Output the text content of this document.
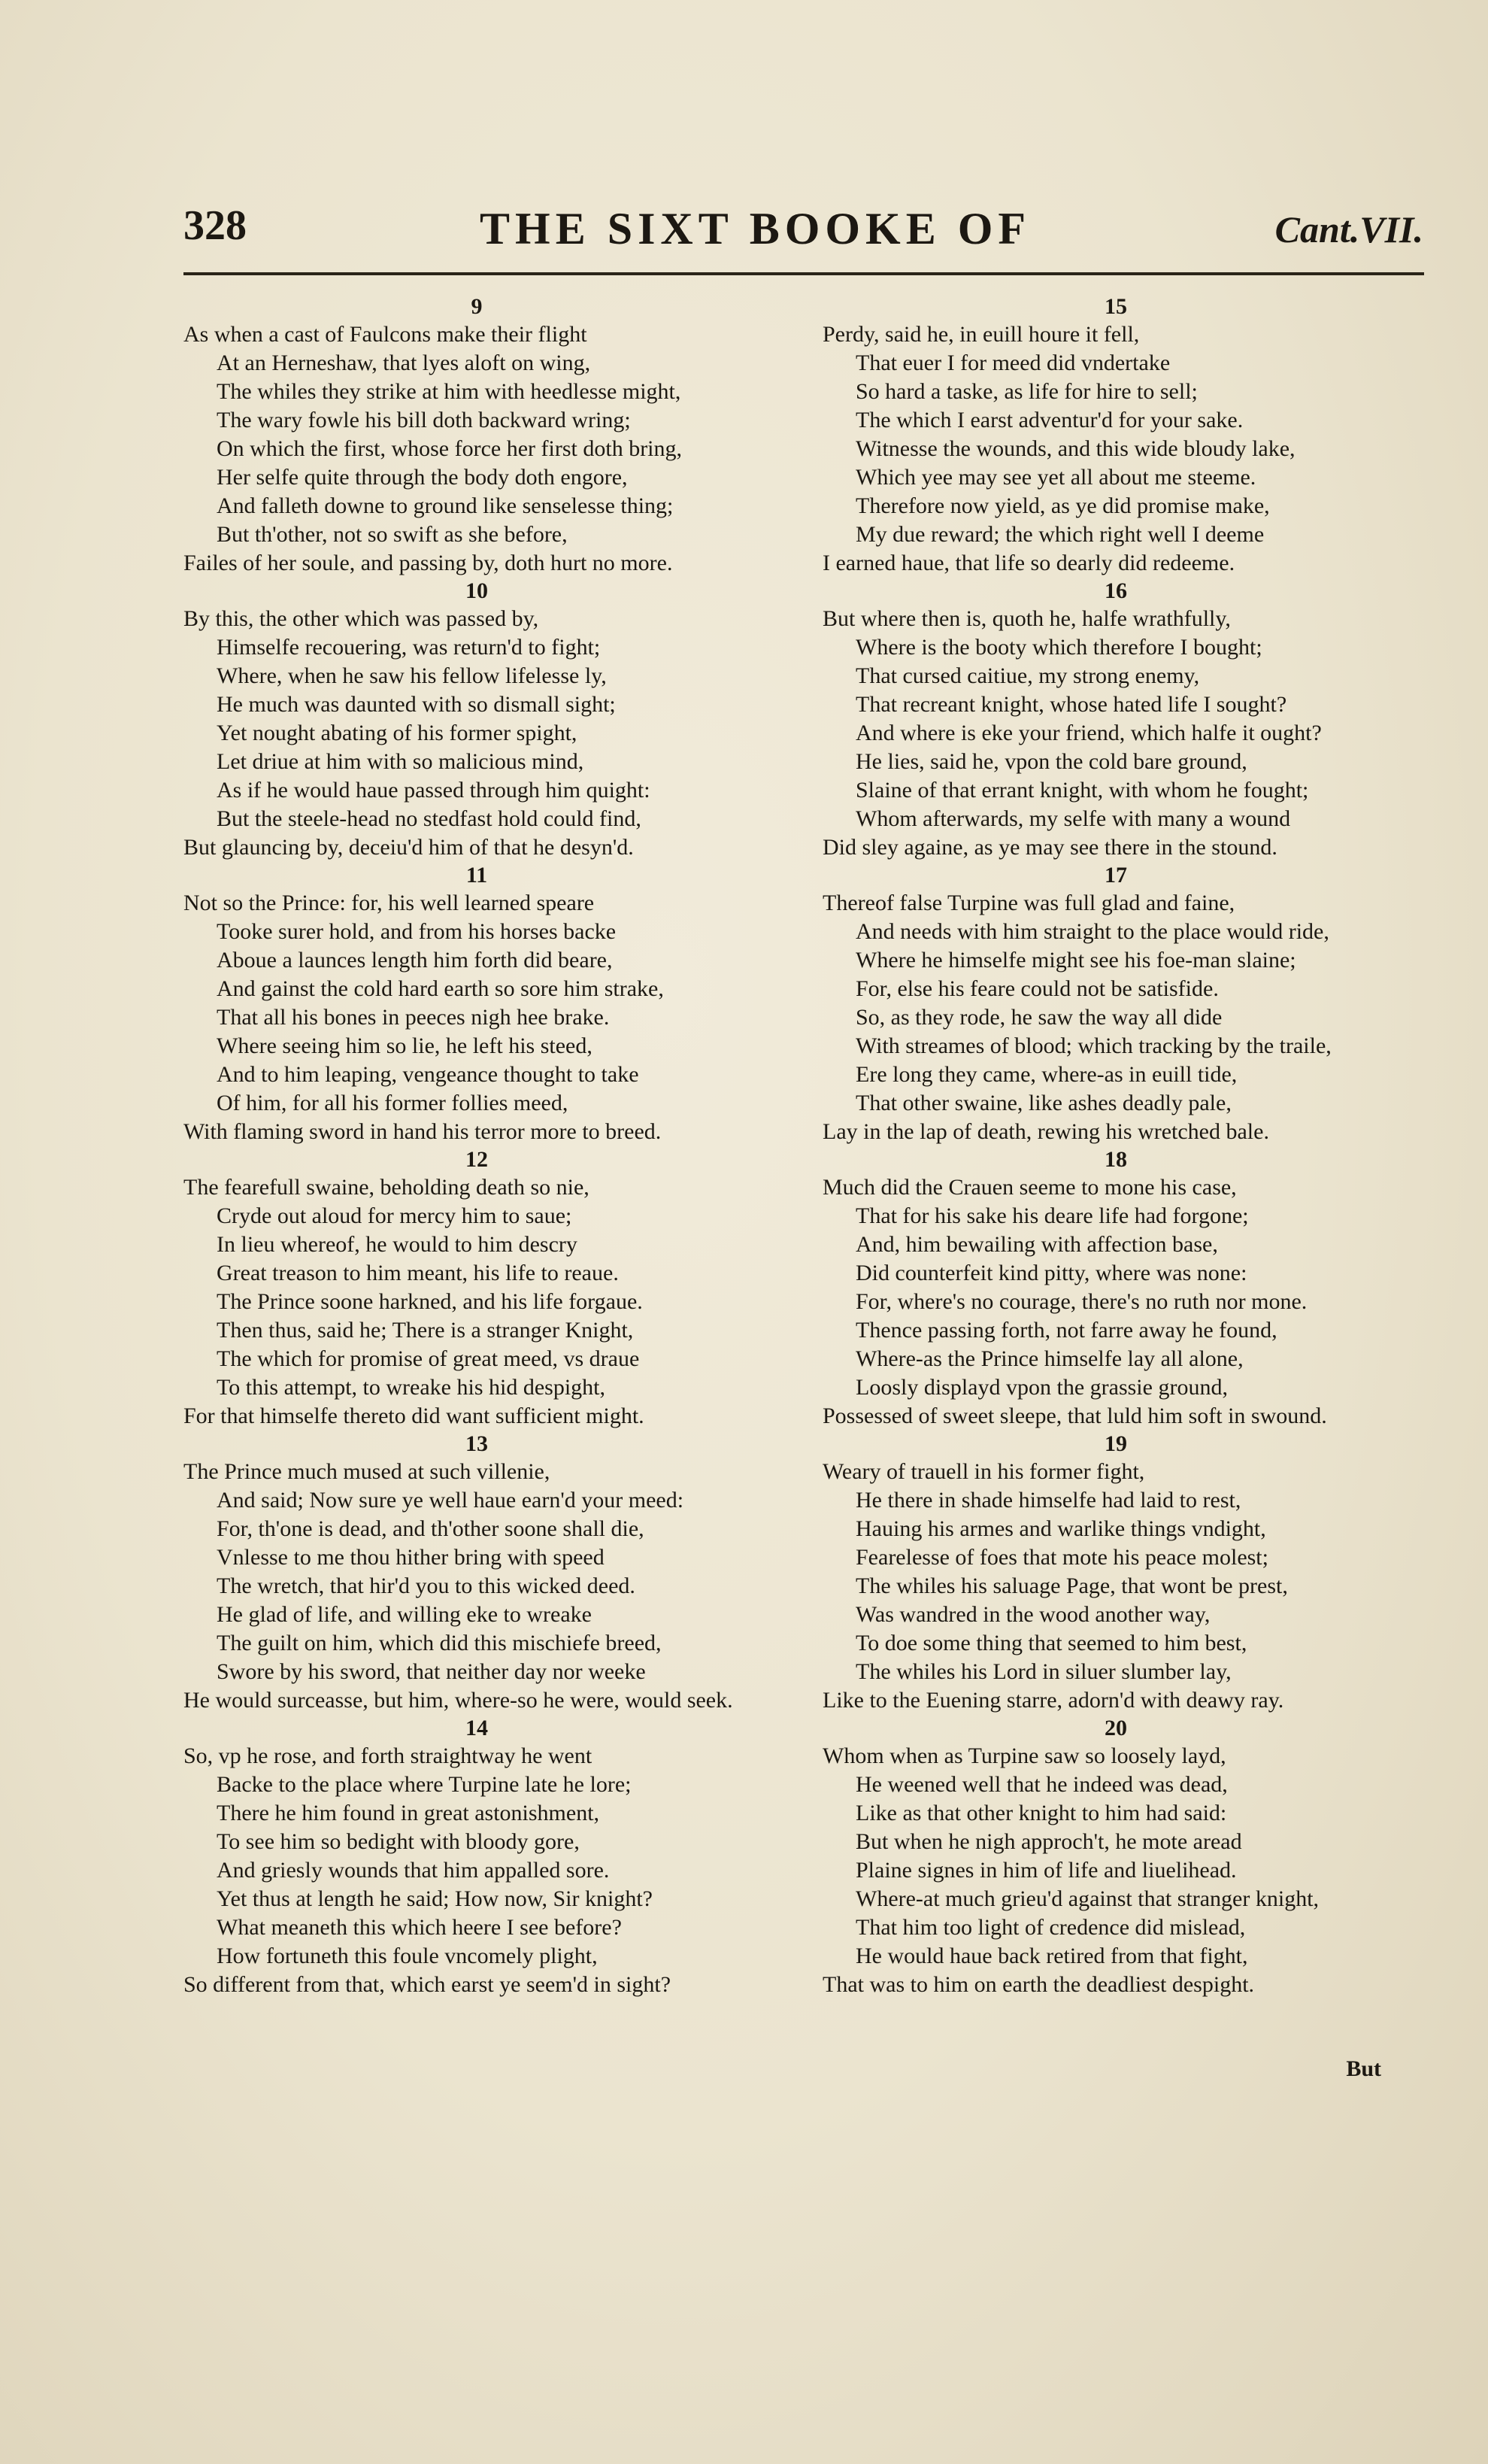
328	THE SIXT BOOKE OF	Cant.VII.
9
As when a cast of Faulcons make their flight
At an Herneshaw, that lyes aloft on wing,
The whiles they strike at him with heedlesse might,
The wary fowle his bill doth backward wring;
On which the first, whose force her first doth bring,
Her selfe quite through the body doth engore,
And falleth downe to ground like senselesse thing;
But th'other, not so swift as she before,
Failes of her soule, and passing by, doth hurt no more.
10
By this, the other which was passed by,
Himselfe recouering, was return'd to fight;
Where, when he saw his fellow lifelesse ly,
He much was daunted with so dismall sight;
Yet nought abating of his former spight,
Let driue at him with so malicious mind,
As if he would haue passed through him quight:
But the steele-head no stedfast hold could find,
But glauncing by, deceiu'd him of that he desyn'd.
11
Not so the Prince: for, his well learned speare
Tooke surer hold, and from his horses backe
Aboue a launces length him forth did beare,
And gainst the cold hard earth so sore him strake,
That all his bones in peeces nigh hee brake.
Where seeing him so lie, he left his steed,
And to him leaping, vengeance thought to take
Of him, for all his former follies meed,
With flaming sword in hand his terror more to breed.
12
The fearefull swaine, beholding death so nie,
Cryde out aloud for mercy him to saue;
In lieu whereof, he would to him descry
Great treason to him meant, his life to reaue.
The Prince soone harkned, and his life forgaue.
Then thus, said he; There is a stranger Knight,
The which for promise of great meed, vs draue
To this attempt, to wreake his hid despight,
For that himselfe thereto did want sufficient might.
13
The Prince much mused at such villenie,
And said; Now sure ye well haue earn'd your meed:
For, th'one is dead, and th'other soone shall die,
Vnlesse to me thou hither bring with speed
The wretch, that hir'd you to this wicked deed.
He glad of life, and willing eke to wreake
The guilt on him, which did this mischiefe breed,
Swore by his sword, that neither day nor weeke
He would surceasse, but him, where-so he were, would seek.
14
So, vp he rose, and forth straightway he went
Backe to the place where Turpine late he lore;
There he him found in great astonishment,
To see him so bedight with bloody gore,
And griesly wounds that him appalled sore.
Yet thus at length he said; How now, Sir knight?
What meaneth this which heere I see before?
How fortuneth this foule vncomely plight,
So different from that, which earst ye seem'd in sight?
15
Perdy, said he, in euill houre it fell,
That euer I for meed did vndertake
So hard a taske, as life for hire to sell;
The which I earst adventur'd for your sake.
Witnesse the wounds, and this wide bloudy lake,
Which yee may see yet all about me steeme.
Therefore now yield, as ye did promise make,
My due reward; the which right well I deeme
I earned haue, that life so dearly did redeeme.
16
But where then is, quoth he, halfe wrathfully,
Where is the booty which therefore I bought;
That cursed caitiue, my strong enemy,
That recreant knight, whose hated life I sought?
And where is eke your friend, which halfe it ought?
He lies, said he, vpon the cold bare ground,
Slaine of that errant knight, with whom he fought;
Whom afterwards, my selfe with many a wound
Did sley againe, as ye may see there in the stound.
17
Thereof false Turpine was full glad and faine,
And needs with him straight to the place would ride,
Where he himselfe might see his foe-man slaine;
For, else his feare could not be satisfide.
So, as they rode, he saw the way all dide
With streames of blood; which tracking by the traile,
Ere long they came, where-as in euill tide,
That other swaine, like ashes deadly pale,
Lay in the lap of death, rewing his wretched bale.
18
Much did the Crauen seeme to mone his case,
That for his sake his deare life had forgone;
And, him bewailing with affection base,
Did counterfeit kind pitty, where was none:
For, where's no courage, there's no ruth nor mone.
Thence passing forth, not farre away he found,
Where-as the Prince himselfe lay all alone,
Loosly displayd vpon the grassie ground,
Possessed of sweet sleepe, that luld him soft in swound.
19
Weary of trauell in his former fight,
He there in shade himselfe had laid to rest,
Hauing his armes and warlike things vndight,
Fearelesse of foes that mote his peace molest;
The whiles his saluage Page, that wont be prest,
Was wandred in the wood another way,
To doe some thing that seemed to him best,
The whiles his Lord in siluer slumber lay,
Like to the Euening starre, adorn'd with deawy ray.
20
Whom when as Turpine saw so loosely layd,
He weened well that he indeed was dead,
Like as that other knight to him had said:
But when he nigh approch't, he mote aread
Plaine signes in him of life and liuelihead.
Where-at much grieu'd against that stranger knight,
That him too light of credence did mislead,
He would haue back retired from that fight,
That was to him on earth the deadliest despight.
But
